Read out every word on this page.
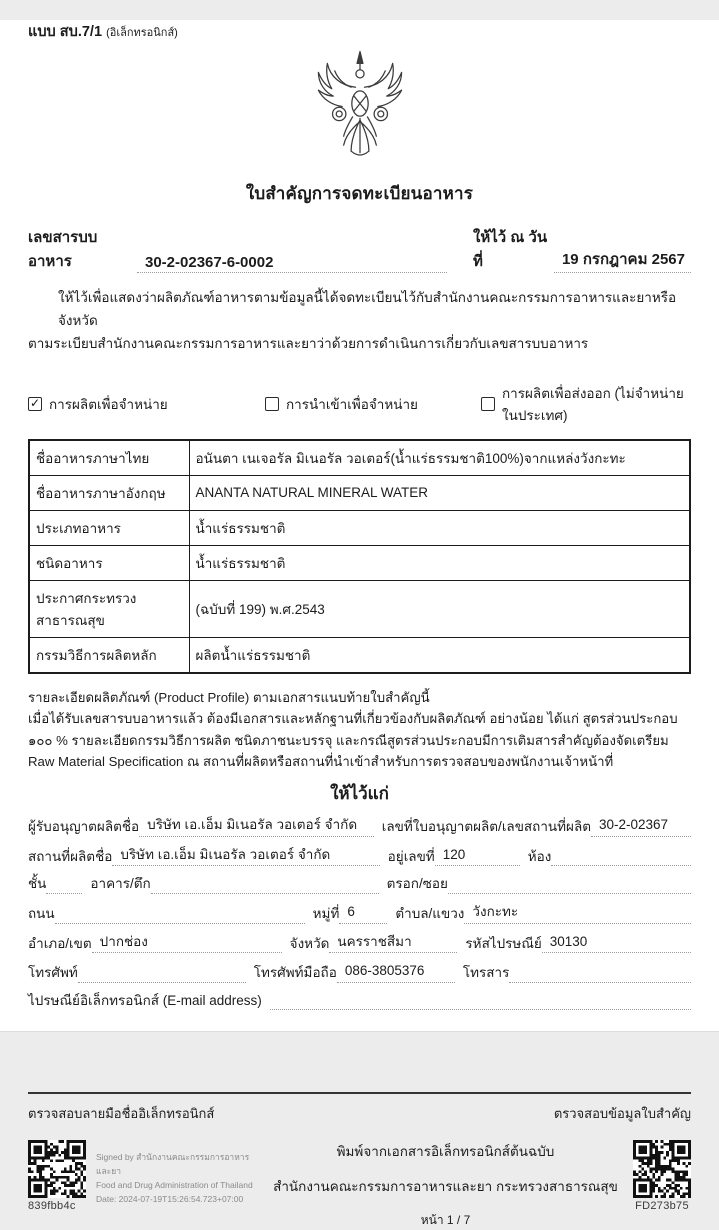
แบบ สบ.7/1 (อิเล็กทรอนิกส์)
ใบสำคัญการจดทะเบียนอาหาร
เลขสารบบอาหาร	30-2-02367-6-0002
ให้ไว้ ณ วันที่	19 กรกฎาคม 2567
ให้ไว้เพื่อแสดงว่าผลิตภัณฑ์อาหารตามข้อมูลนี้ได้จดทะเบียนไว้กับสำนักงานคณะกรรมการอาหารและยาหรือจังหวัด
ตามระเบียบสำนักงานคณะกรรมการอาหารและยาว่าด้วยการดำเนินการเกี่ยวกับเลขสารบบอาหาร
✓
การผลิตเพื่อจำหน่าย	การนำเข้าเพื่อจำหน่าย
การผลิตเพื่อส่งออก (ไม่จำหน่ายในประเทศ)
ชื่ออาหารภาษาไทย	อนันตา เนเจอรัล มิเนอรัล วอเตอร์(น้ำแร่ธรรมชาติ100%)จากแหล่งวังกะทะ
ชื่ออาหารภาษาอังกฤษ	ANANTA NATURAL MINERAL WATER
ประเภทอาหาร	น้ำแร่ธรรมชาติ
ชนิดอาหาร	น้ำแร่ธรรมชาติ
ประกาศกระทรวงสาธารณสุข	(ฉบับที่ 199) พ.ศ.2543
กรรมวิธีการผลิตหลัก	ผลิตน้ำแร่ธรรมชาติ
รายละเอียดผลิตภัณฑ์ (Product Profile) ตามเอกสารแนบท้ายใบสำคัญนี้
เมื่อได้รับเลขสารบบอาหารแล้ว ต้องมีเอกสารและหลักฐานที่เกี่ยวข้องกับผลิตภัณฑ์ อย่างน้อย ได้แก่ สูตรส่วนประกอบ ๑๐๐ % รายละเอียดกรรมวิธีการผลิต ชนิดภาชนะบรรจุ และกรณีสูตรส่วนประกอบมีการเติมสารสำคัญต้องจัดเตรียม Raw Material Specification ณ สถานที่ผลิตหรือสถานที่นำเข้าสำหรับการตรวจสอบของพนักงานเจ้าหน้าที่
ให้ไว้แก่
ผู้รับอนุญาตผลิตชื่อ บริษัท เอ.เอ็ม มิเนอรัล วอเตอร์ จำกัด	เลขที่ใบอนุญาตผลิต/เลขสถานที่ผลิต 30-2-02367
สถานที่ผลิตชื่อ บริษัท เอ.เอ็ม มิเนอรัล วอเตอร์ จำกัด	อยู่เลขที่ 120	ห้อง
ชั้น	อาคาร/ตึก	ตรอก/ซอย
ถนน	หมู่ที่ 6	ตำบล/แขวง วังกะทะ
อำเภอ/เขต ปากช่อง	จังหวัด นครราชสีมา	รหัสไปรษณีย์ 30130
โทรศัพท์	โทรศัพท์มือถือ 086-3805376	โทรสาร
ไปรษณีย์อิเล็กทรอนิกส์ (E-mail address)
ตรวจสอบลายมือชื่ออิเล็กทรอนิกส์	ตรวจสอบข้อมูลใบสำคัญ
839fbb4c
Signed by สำนักงานคณะกรรมการอาหารและยา
Food and Drug Administration of Thailand
Date: 2024-07-19T15:26:54.723+07:00
พิมพ์จากเอกสารอิเล็กทรอนิกส์ต้นฉบับ
สำนักงานคณะกรรมการอาหารและยา กระทรวงสาธารณสุข
หน้า 1 / 7
FD273b75
